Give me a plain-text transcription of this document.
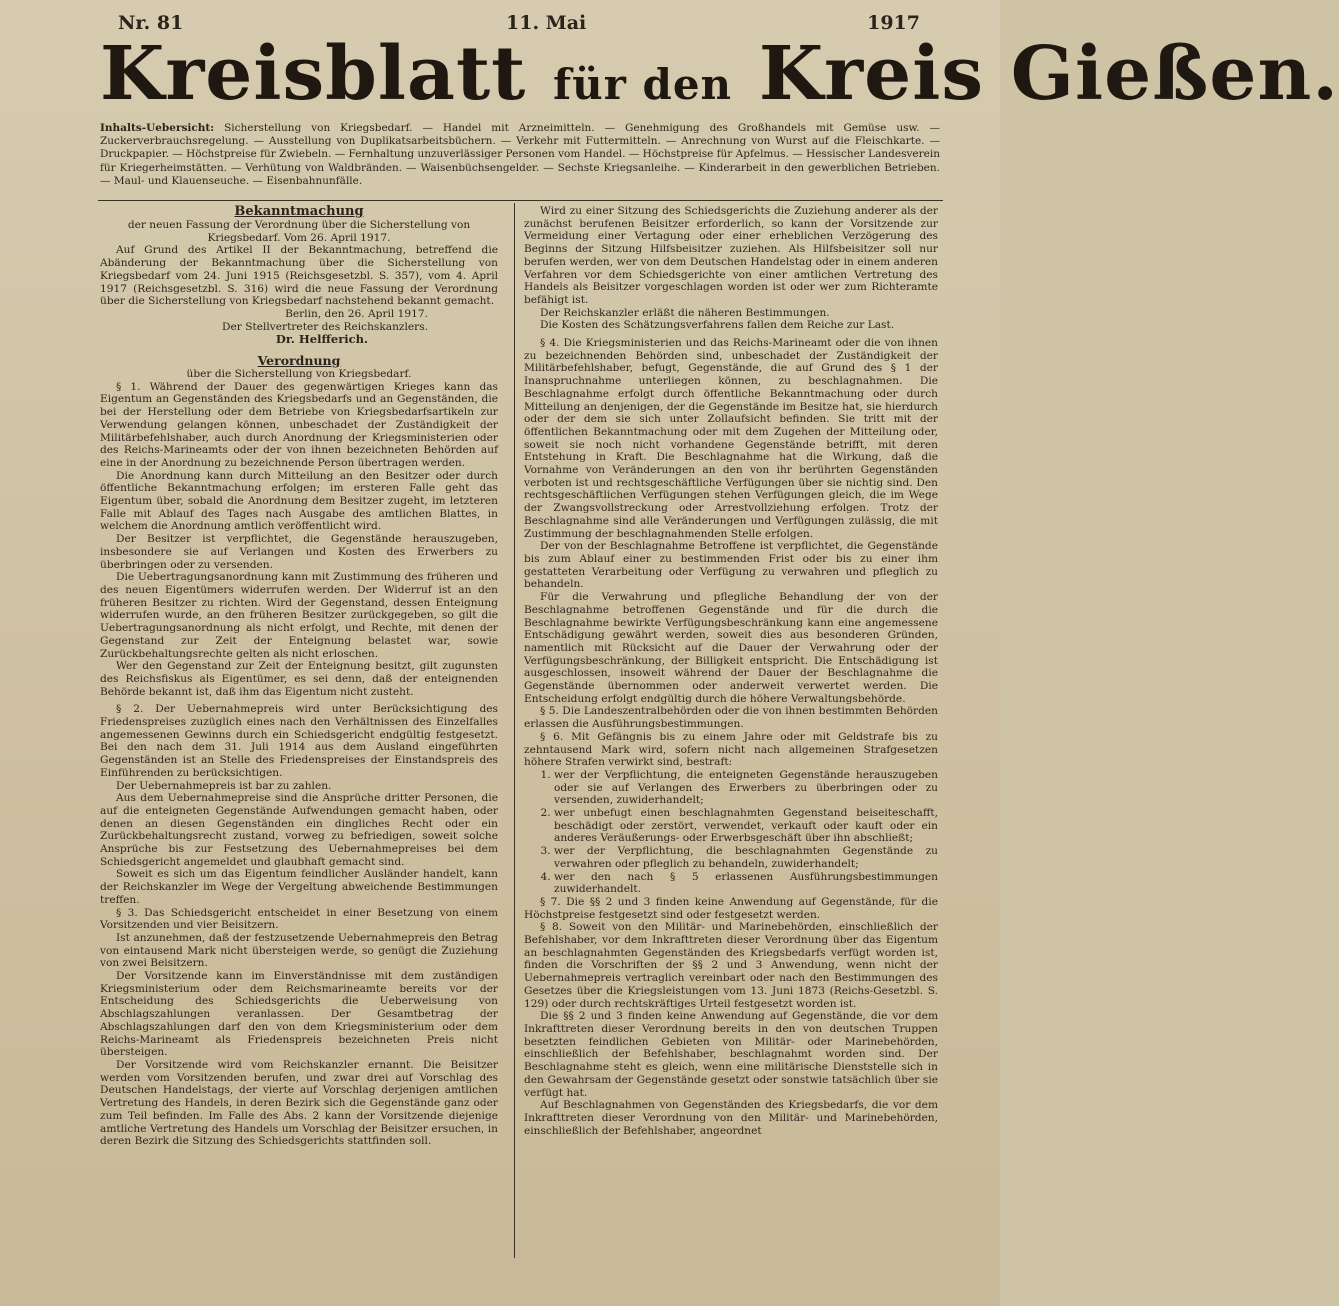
Nr. 81	11. Mai	1917
Kreisblatt für den Kreis Gießen.
Inhalts-Uebersicht: Sicherstellung von Kriegsbedarf. — Handel mit Arzneimitteln. — Genehmigung des Großhandels mit Gemüse usw. — Zuckerverbrauchsregelung. — Ausstellung von Duplikatsarbeitsbüchern. — Verkehr mit Futtermitteln. — Anrechnung von Wurst auf die Fleischkarte. — Druckpapier. — Höchstpreise für Zwiebeln. — Fernhaltung unzuverlässiger Personen vom Handel. — Höchstpreise für Apfelmus. — Hessischer Landesverein für Kriegerheimstätten. — Verhütung von Waldbränden. — Waisenbüchsengelder. — Sechste Kriegsanleihe. — Kinderarbeit in den gewerblichen Betrieben. — Maul- und Klauenseuche. — Eisenbahnunfälle.

Bekanntmachung

der neuen Fassung der Verordnung über die Sicherstellung von Kriegsbedarf. Vom 26. April 1917.

Auf Grund des Artikel II der Bekanntmachung, betreffend die Abänderung der Bekanntmachung über die Sicherstellung von Kriegsbedarf vom 24. Juni 1915 (Reichsgesetzbl. S. 357), vom 4. April 1917 (Reichsgesetzbl. S. 316) wird die neue Fassung der Verordnung über die Sicherstellung von Kriegsbedarf nachstehend bekannt gemacht.

Berlin, den 26. April 1917.

Der Stellvertreter des Reichskanzlers.

Dr. Helfferich.

Verordnung

über die Sicherstellung von Kriegsbedarf.

§ 1. Während der Dauer des gegenwärtigen Krieges kann das Eigentum an Gegenständen des Kriegsbedarfs und an Gegenständen, die bei der Herstellung oder dem Betriebe von Kriegsbedarfsartikeln zur Verwendung gelangen können, unbeschadet der Zuständigkeit der Militärbefehlshaber, auch durch Anordnung der Kriegsministerien oder des Reichs-Marineamts oder der von ihnen bezeichneten Behörden auf eine in der Anordnung zu bezeichnende Person übertragen werden.

Die Anordnung kann durch Mitteilung an den Besitzer oder durch öffentliche Bekanntmachung erfolgen; im ersteren Falle geht das Eigentum über, sobald die Anordnung dem Besitzer zugeht, im letzteren Falle mit Ablauf des Tages nach Ausgabe des amtlichen Blattes, in welchem die Anordnung amtlich veröffentlicht wird.

Der Besitzer ist verpflichtet, die Gegenstände herauszugeben, insbesondere sie auf Verlangen und Kosten des Erwerbers zu überbringen oder zu versenden.

Die Uebertragungsanordnung kann mit Zustimmung des früheren und des neuen Eigentümers widerrufen werden. Der Widerruf ist an den früheren Besitzer zu richten. Wird der Gegenstand, dessen Enteignung widerrufen wurde, an den früheren Besitzer zurückgegeben, so gilt die Uebertragungsanordnung als nicht erfolgt, und Rechte, mit denen der Gegenstand zur Zeit der Enteignung belastet war, sowie Zurückbehaltungsrechte gelten als nicht erloschen.

Wer den Gegenstand zur Zeit der Enteignung besitzt, gilt zugunsten des Reichsfiskus als Eigentümer, es sei denn, daß der enteignenden Behörde bekannt ist, daß ihm das Eigentum nicht zusteht.

§ 2. Der Uebernahmepreis wird unter Berücksichtigung des Friedenspreises zuzüglich eines nach den Verhältnissen des Einzelfalles angemessenen Gewinns durch ein Schiedsgericht endgültig festgesetzt. Bei den nach dem 31. Juli 1914 aus dem Ausland eingeführten Gegenständen ist an Stelle des Friedenspreises der Einstandspreis des Einführenden zu berücksichtigen.

Der Uebernahmepreis ist bar zu zahlen.

Aus dem Uebernahmepreise sind die Ansprüche dritter Personen, die auf die enteigneten Gegenstände Aufwendungen gemacht haben, oder denen an diesen Gegenständen ein dingliches Recht oder ein Zurückbehaltungsrecht zustand, vorweg zu befriedigen, soweit solche Ansprüche bis zur Festsetzung des Uebernahmepreises bei dem Schiedsgericht angemeldet und glaubhaft gemacht sind.

Soweit es sich um das Eigentum feindlicher Ausländer handelt, kann der Reichskanzler im Wege der Vergeltung abweichende Bestimmungen treffen.

§ 3. Das Schiedsgericht entscheidet in einer Besetzung von einem Vorsitzenden und vier Beisitzern.

Ist anzunehmen, daß der festzusetzende Uebernahmepreis den Betrag von eintausend Mark nicht übersteigen werde, so genügt die Zuziehung von zwei Beisitzern.

Der Vorsitzende kann im Einverständnisse mit dem zuständigen Kriegsministerium oder dem Reichsmarineamte bereits vor der Entscheidung des Schiedsgerichts die Ueberweisung von Abschlagszahlungen veranlassen. Der Gesamtbetrag der Abschlagszahlungen darf den von dem Kriegsministerium oder dem Reichs-Marineamt als Friedenspreis bezeichneten Preis nicht übersteigen.

Der Vorsitzende wird vom Reichskanzler ernannt. Die Beisitzer werden vom Vorsitzenden berufen, und zwar drei auf Vorschlag des Deutschen Handelstags, der vierte auf Vorschlag derjenigen amtlichen Vertretung des Handels, in deren Bezirk sich die Gegenstände ganz oder zum Teil befinden. Im Falle des Abs. 2 kann der Vorsitzende diejenige amtliche Vertretung des Handels um Vorschlag der Beisitzer ersuchen, in deren Bezirk die Sitzung des Schiedsgerichts stattfinden soll.

Wird zu einer Sitzung des Schiedsgerichts die Zuziehung anderer als der zunächst berufenen Beisitzer erforderlich, so kann der Vorsitzende zur Vermeidung einer Vertagung oder einer erheblichen Verzögerung des Beginns der Sitzung Hilfsbeisitzer zuziehen. Als Hilfsbeisitzer soll nur berufen werden, wer von dem Deutschen Handelstag oder in einem anderen Verfahren vor dem Schiedsgerichte von einer amtlichen Vertretung des Handels als Beisitzer vorgeschlagen worden ist oder wer zum Richteramte befähigt ist.

Der Reichskanzler erläßt die näheren Bestimmungen.

Die Kosten des Schätzungsverfahrens fallen dem Reiche zur Last.

§ 4. Die Kriegsministerien und das Reichs-Marineamt oder die von ihnen zu bezeichnenden Behörden sind, unbeschadet der Zuständigkeit der Militärbefehlshaber, befugt, Gegenstände, die auf Grund des § 1 der Inanspruchnahme unterliegen können, zu beschlagnahmen. Die Beschlagnahme erfolgt durch öffentliche Bekanntmachung oder durch Mitteilung an denjenigen, der die Gegenstände im Besitze hat, sie hierdurch oder der dem sie sich unter Zollaufsicht befinden. Sie tritt mit der öffentlichen Bekanntmachung oder mit dem Zugehen der Mitteilung oder, soweit sie noch nicht vorhandene Gegenstände betrifft, mit deren Entstehung in Kraft. Die Beschlagnahme hat die Wirkung, daß die Vornahme von Veränderungen an den von ihr berührten Gegenständen verboten ist und rechtsgeschäftliche Verfügungen über sie nichtig sind. Den rechtsgeschäftlichen Verfügungen stehen Verfügungen gleich, die im Wege der Zwangsvollstreckung oder Arrestvollziehung erfolgen. Trotz der Beschlagnahme sind alle Veränderungen und Verfügungen zulässig, die mit Zustimmung der beschlagnahmenden Stelle erfolgen.

Der von der Beschlagnahme Betroffene ist verpflichtet, die Gegenstände bis zum Ablauf einer zu bestimmenden Frist oder bis zu einer ihm gestatteten Verarbeitung oder Verfügung zu verwahren und pfleglich zu behandeln.

Für die Verwahrung und pflegliche Behandlung der von der Beschlagnahme betroffenen Gegenstände und für die durch die Beschlagnahme bewirkte Verfügungsbeschränkung kann eine angemessene Entschädigung gewährt werden, soweit dies aus besonderen Gründen, namentlich mit Rücksicht auf die Dauer der Verwahrung oder der Verfügungsbeschränkung, der Billigkeit entspricht. Die Entschädigung ist ausgeschlossen, insoweit während der Dauer der Beschlagnahme die Gegenstände übernommen oder anderweit verwertet werden. Die Entscheidung erfolgt endgültig durch die höhere Verwaltungsbehörde.

§ 5. Die Landeszentralbehörden oder die von ihnen bestimmten Behörden erlassen die Ausführungsbestimmungen.

§ 6. Mit Gefängnis bis zu einem Jahre oder mit Geldstrafe bis zu zehntausend Mark wird, sofern nicht nach allgemeinen Strafgesetzen höhere Strafen verwirkt sind, bestraft:

1. wer der Verpflichtung, die enteigneten Gegenstände herauszugeben oder sie auf Verlangen des Erwerbers zu überbringen oder zu versenden, zuwiderhandelt;
2. wer unbefugt einen beschlagnahmten Gegenstand beiseiteschafft, beschädigt oder zerstört, verwendet, verkauft oder kauft oder ein anderes Veräußerungs- oder Erwerbsgeschäft über ihn abschließt;
3. wer der Verpflichtung, die beschlagnahmten Gegenstände zu verwahren oder pfleglich zu behandeln, zuwiderhandelt;
4. wer den nach § 5 erlassenen Ausführungsbestimmungen zuwiderhandelt.

§ 7. Die §§ 2 und 3 finden keine Anwendung auf Gegenstände, für die Höchstpreise festgesetzt sind oder festgesetzt werden.

§ 8. Soweit von den Militär- und Marinebehörden, einschließlich der Befehlshaber, vor dem Inkrafttreten dieser Verordnung über das Eigentum an beschlagnahmten Gegenständen des Kriegsbedarfs verfügt worden ist, finden die Vorschriften der §§ 2 und 3 Anwendung, wenn nicht der Uebernahmepreis vertraglich vereinbart oder nach den Bestimmungen des Gesetzes über die Kriegsleistungen vom 13. Juni 1873 (Reichs-Gesetzbl. S. 129) oder durch rechtskräftiges Urteil festgesetzt worden ist.

Die §§ 2 und 3 finden keine Anwendung auf Gegenstände, die vor dem Inkrafttreten dieser Verordnung bereits in den von deutschen Truppen besetzten feindlichen Gebieten von Militär- oder Marinebehörden, einschließlich der Befehlshaber, beschlagnahmt worden sind. Der Beschlagnahme steht es gleich, wenn eine militärische Dienststelle sich in den Gewahrsam der Gegenstände gesetzt oder sonstwie tatsächlich über sie verfügt hat.

Auf Beschlagnahmen von Gegenständen des Kriegsbedarfs, die vor dem Inkrafttreten dieser Verordnung von den Militär- und Marinebehörden, einschließlich der Befehlshaber, angeordnet
